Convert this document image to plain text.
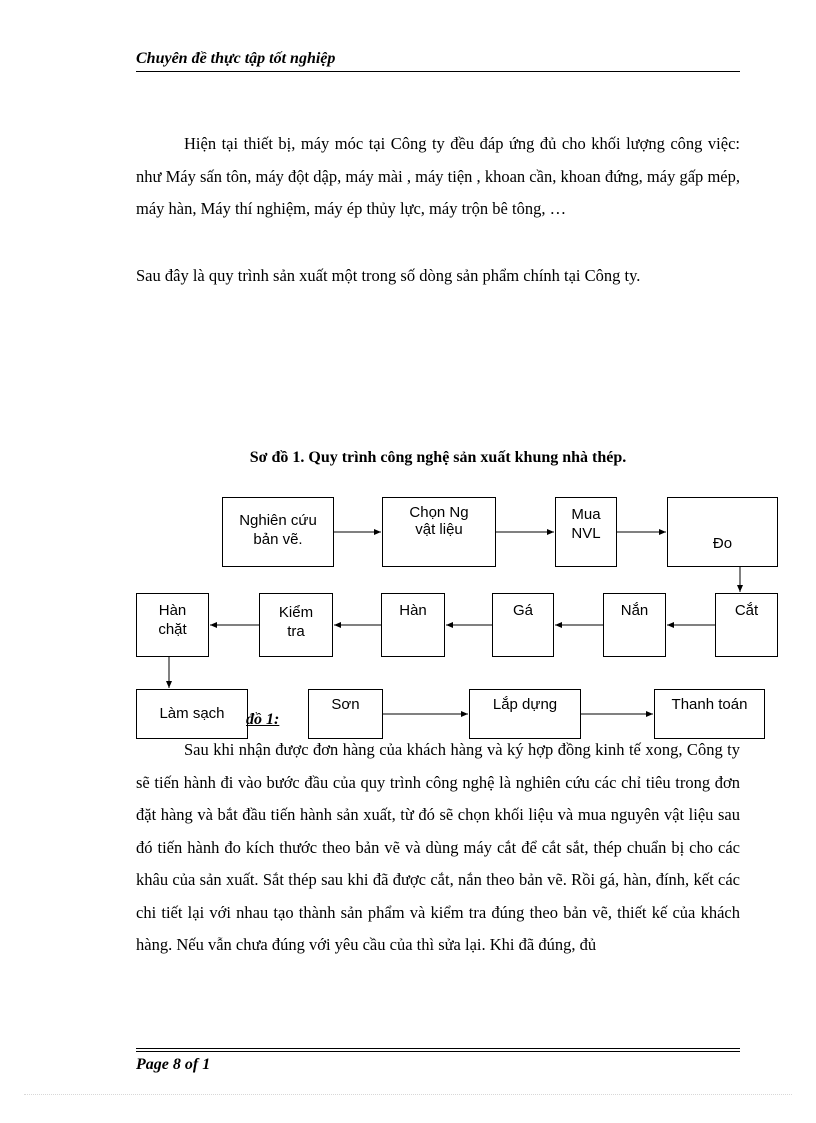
Chuyên đề thực tập tốt nghiệp
Hiện tại thiết bị, máy móc tại Công ty đều đáp ứng đủ cho khối lượng công việc: như Máy sấn tôn, máy đột dập, máy mài , máy tiện , khoan cần, khoan đứng, máy gấp mép, máy hàn, Máy thí nghiệm, máy ép thủy lực, máy trộn bê tông, …
Sau đây là quy trình sản xuất một trong số dòng sản phẩm chính tại Công ty.
Sơ đồ 1. Quy trình công nghệ sản xuất khung nhà thép.
Nghiên cứu
bản vẽ.
Chọn Ng
vật liệu
Mua
NVL
Đo
Cắt
Nắn
Gá
Hàn
Kiểm
tra
Hàn
chặt
Làm sạch
Sơn	Lắp dựng	Thanh toán
đồ 1:
Sau khi nhận được đơn hàng của khách hàng và ký hợp đồng kinh tế xong, Công ty sẽ tiến hành đi vào bước đầu của quy trình công nghệ là nghiên cứu các chỉ tiêu trong đơn đặt hàng và bắt đầu tiến hành sản xuất, từ đó sẽ chọn khối liệu và mua nguyên vật liệu sau đó tiến hành đo kích thước theo bản vẽ và dùng máy cắt để cắt sắt, thép chuẩn bị cho các khâu của sản xuất. Sắt thép sau khi đã được cắt, nắn theo bản vẽ. Rồi gá, hàn, đính, kết các chi tiết lại với nhau tạo thành sản phẩm và kiểm tra đúng theo bản vẽ, thiết kế của khách hàng. Nếu vẫn chưa đúng với yêu cầu của thì sửa lại. Khi đã đúng, đủ
Page 8 of 1
